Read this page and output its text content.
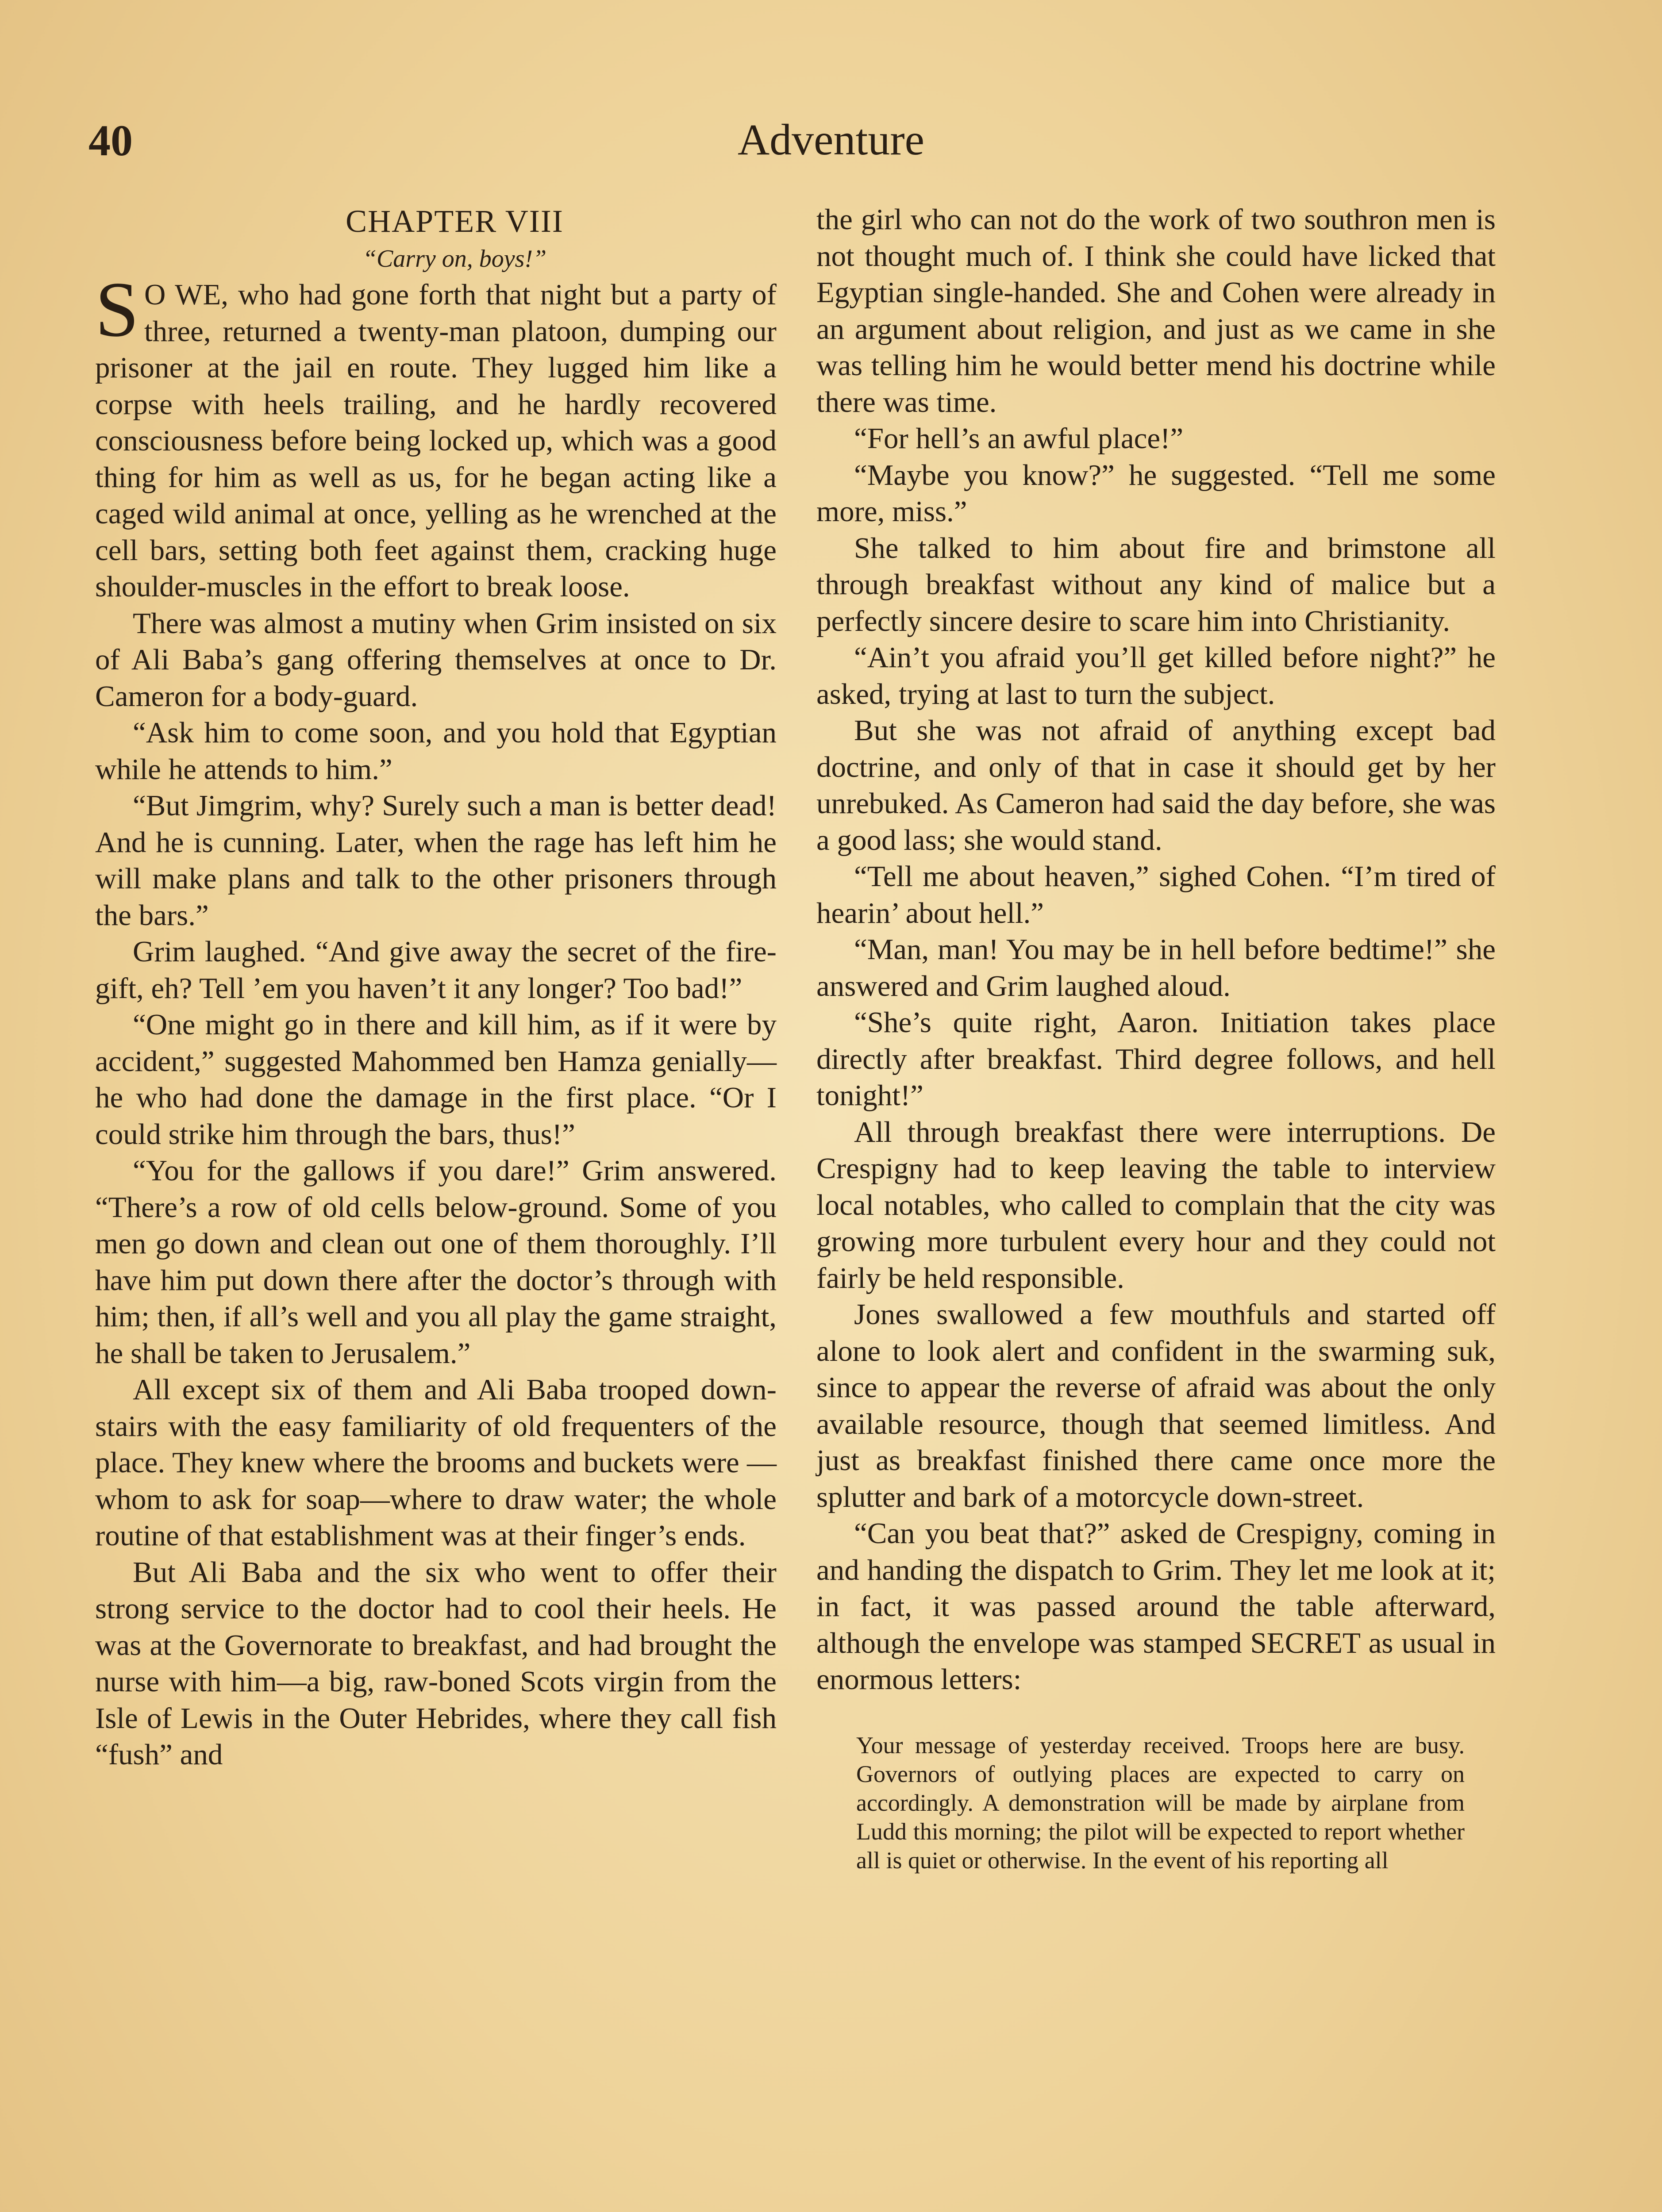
40	Adventure

CHAPTER VIII

“Carry on, boys!”

S O WE, who had gone forth that night but a party of three, returned a twenty-man platoon, dumping our prisoner at the jail en route. They lugged him like a corpse with heels trailing, and he hardly recovered consciousness before being locked up, which was a good thing for him as well as us, for he began acting like a caged wild animal at once, yelling as he wrenched at the cell bars, setting both feet against them, cracking huge shoulder-muscles in the effort to break loose.

There was almost a mutiny when Grim insisted on six of Ali Baba’s gang offering themselves at once to Dr. Cameron for a body-guard.

“Ask him to come soon, and you hold that Egyptian while he attends to him.”

“But Jimgrim, why? Surely such a man is better dead! And he is cunning. Later, when the rage has left him he will make plans and talk to the other prisoners through the bars.”

Grim laughed. “And give away the secret of the fire-gift, eh? Tell ’em you haven’t it any longer? Too bad!”

“One might go in there and kill him, as if it were by accident,” suggested Mahommed ben Hamza genially—he who had done the damage in the first place. “Or I could strike him through the bars, thus!”

“You for the gallows if you dare!” Grim answered. “There’s a row of old cells below-ground. Some of you men go down and clean out one of them thoroughly. I’ll have him put down there after the doctor’s through with him; then, if all’s well and you all play the game straight, he shall be taken to Jerusalem.”

All except six of them and Ali Baba trooped down-stairs with the easy familiarity of old frequenters of the place. They knew where the brooms and buckets were —whom to ask for soap—where to draw water; the whole routine of that establishment was at their finger’s ends.

But Ali Baba and the six who went to offer their strong service to the doctor had to cool their heels. He was at the Governorate to breakfast, and had brought the nurse with him—a big, raw-boned Scots virgin from the Isle of Lewis in the Outer Hebrides, where they call fish “fush” and

the girl who can not do the work of two southron men is not thought much of. I think she could have licked that Egyptian single-handed. She and Cohen were already in an argument about religion, and just as we came in she was telling him he would better mend his doctrine while there was time.

“For hell’s an awful place!”

“Maybe you know?” he suggested. “Tell me some more, miss.”

She talked to him about fire and brimstone all through breakfast without any kind of malice but a perfectly sincere desire to scare him into Christianity.

“Ain’t you afraid you’ll get killed before night?” he asked, trying at last to turn the subject.

But she was not afraid of anything except bad doctrine, and only of that in case it should get by her unrebuked. As Cameron had said the day before, she was a good lass; she would stand.

“Tell me about heaven,” sighed Cohen. “I’m tired of hearin’ about hell.”

“Man, man! You may be in hell before bedtime!” she answered and Grim laughed aloud.

“She’s quite right, Aaron. Initiation takes place directly after breakfast. Third degree follows, and hell tonight!”

All through breakfast there were interruptions. De Crespigny had to keep leaving the table to interview local notables, who called to complain that the city was growing more turbulent every hour and they could not fairly be held responsible.

Jones swallowed a few mouthfuls and started off alone to look alert and confident in the swarming suk, since to appear the reverse of afraid was about the only available resource, though that seemed limitless. And just as breakfast finished there came once more the splutter and bark of a motorcycle down-street.

“Can you beat that?” asked de Crespigny, coming in and handing the dispatch to Grim. They let me look at it; in fact, it was passed around the table afterward, although the envelope was stamped SECRET as usual in enormous letters:

Your message of yesterday received. Troops here are busy. Governors of outlying places are expected to carry on accordingly. A demonstration will be made by airplane from Ludd this morning; the pilot will be expected to report whether all is quiet or otherwise. In the event of his reporting all
